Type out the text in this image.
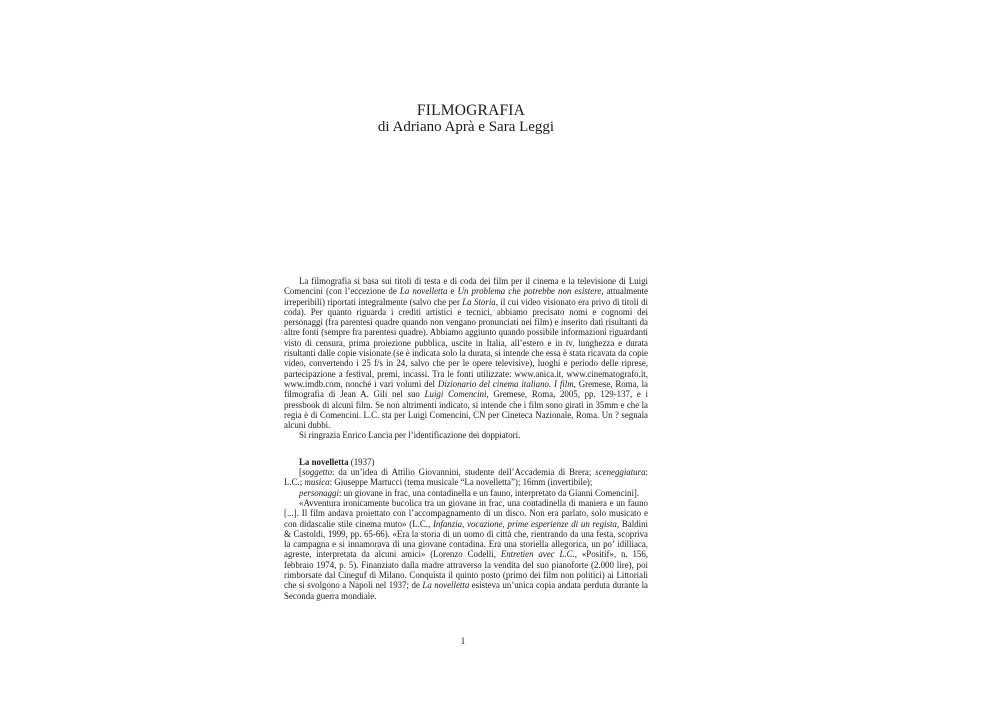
FILMOGRAFIA
di Adriano Aprà e Sara Leggi

La filmografia si basa sui titoli di testa e di coda dei film per il cinema e la televisione di Luigi Comencini (con l’eccezione de La novelletta e Un problema che potrebbe non esistere, attualmente irreperibili) riportati integralmente (salvo che per La Storia, il cui video visionato era privo di titoli di coda). Per quanto riguarda i crediti artistici e tecnici, abbiamo precisato nomi e cognomi dei personaggi (fra parentesi quadre quando non vengano pronunciati nei film) e inserito dati risultanti da altre fonti (sempre fra parentesi quadre). Abbiamo aggiunto quando possibile informazioni riguardanti visto di censura, prima proiezione pubblica, uscite in Italia, all’estero e in tv, lunghezza e durata risultanti dalle copie visionate (se è indicata solo la durata, si intende che essa è stata ricavata da copie video, convertendo i 25 f/s in 24, salvo che per le opere televisive), luoghi e periodo delle riprese, partecipazione a festival, premi, incassi. Tra le fonti utilizzate: www.anica.it, www.cinematografo.it, www.imdb.com, nonché i vari volumi del Dizionario del cinema italiano. I film, Gremese, Roma, la filmografia di Jean A. Gili nel suo Luigi Comencini, Gremese, Roma, 2005, pp. 129-137, e i pressbook di alcuni film. Se non altrimenti indicato, si intende che i film sono girati in 35mm e che la regia è di Comencini. L.C. sta per Luigi Comencini, CN per Cineteca Nazionale, Roma. Un ? segnala alcuni dubbi.

Si ringrazia Enrico Lancia per l’identificazione dei doppiatori.

La novelletta (1937)

[soggetto: da un’idea di Attilio Giovannini, studente dell’Accademia di Brera; sceneggiatura: L.C.; musica: Giuseppe Martucci (tema musicale “La novelletta”); 16mm (invertibile);

personaggi: un giovane in frac, una contadinella e un fauno, interpretato da Gianni Comencini].

«Avventura ironicamente bucolica tra un giovane in frac, una contadinella di maniera e un fauno [...]. Il film andava proiettato con l’accompagnamento di un disco. Non era parlato, solo musicato e con didascalie stile cinema muto» (L.C., Infanzia, vocazione, prime esperienze di un regista, Baldini & Castoldi, 1999, pp. 65-66). «Era la storia di un uomo di città che, rientrando da una festa, scopriva la campagna e si innamorava di una giovane contadina. Era una storiella allegorica, un po’ idilliaca, agreste, interpretata da alcuni amici» (Lorenzo Codelli, Entretien avec L.C., «Positif», n. 156, febbraio 1974, p. 5). Finanziato dalla madre attraverso la vendita del suo pianoforte (2.000 lire), poi rimborsate dal Cineguf di Milano. Conquista il quinto posto (primo dei film non politici) ai Littoriali che si svolgono a Napoli nel 1937; de La novelletta esisteva un’unica copia andata perduta durante la Seconda guerra mondiale.

1
